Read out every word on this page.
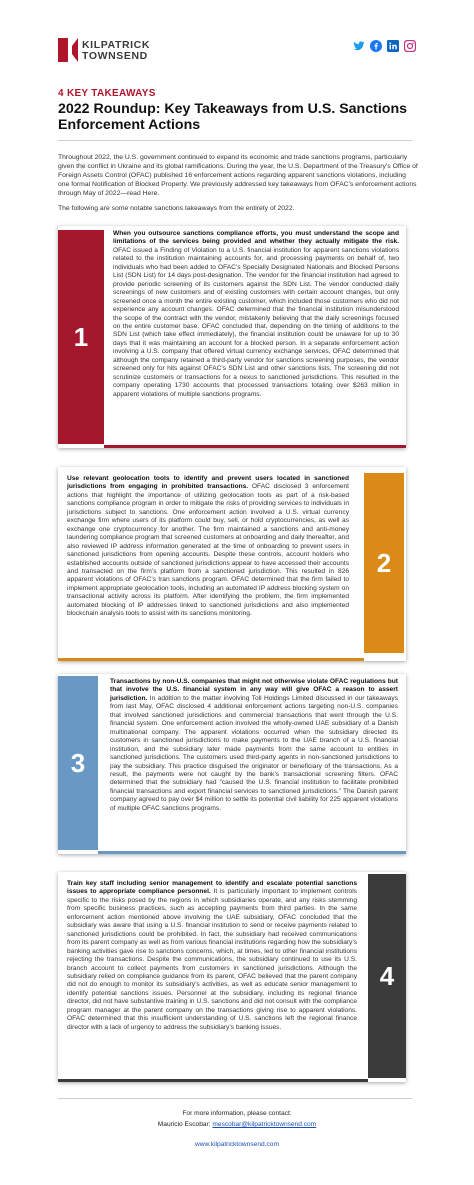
KILPATRICK
TOWNSEND
4 KEY TAKEAWAYS
2022 Roundup: Key Takeaways from U.S. Sanctions Enforcement Actions

Throughout 2022, the U.S. government continued to expand its economic and trade sanctions programs, particularly given the conflict in Ukraine and its global ramifications. During the year, the U.S. Department of the Treasury’s Office of Foreign Assets Control (OFAC) published 16 enforcement actions regarding apparent sanctions violations, including one formal Notification of Blocked Property. We previously addressed key takeaways from OFAC’s enforcement actions through May of 2022—read Here.

The following are some notable sanctions takeaways from the entirety of 2022.

1
When you outsource sanctions compliance efforts, you must understand the scope and limitations of the services being provided and whether they actually mitigate the risk. OFAC issued a Finding of Violation to a U.S. financial institution for apparent sanctions violations related to the institution maintaining accounts for, and processing payments on behalf of, two individuals who had been added to OFAC’s Specially Designated Nationals and Blocked Persons List (SDN List) for 14 days post-designation. The vendor for the financial institution had agreed to provide periodic screening of its customers against the SDN List. The vendor conducted daily screenings of new customers and of existing customers with certain account changes, but only screened once a month the entire existing customer, which included those customers who did not experience any account changes. OFAC determined that the financial institution misunderstood the scope of the contract with the vendor, mistakenly believing that the daily screenings focused on the entire customer base. OFAC concluded that, depending on the timing of additions to the SDN List (which take effect immediately), the financial institution could be unaware for up to 30 days that it was maintaining an account for a blocked person. In a separate enforcement action involving a U.S. company that offered virtual currency exchange services, OFAC determined that although the company retained a third-party vendor for sanctions screening purposes, the vendor screened only for hits against OFAC’s SDN List and other sanctions lists. The screening did not scrutinize customers or transactions for a nexus to sanctioned jurisdictions. This resulted in the company operating 1730 accounts that processed transactions totaling over $263 million in apparent violations of multiple sanctions programs.
Use relevant geolocation tools to identify and prevent users located in sanctioned jurisdictions from engaging in prohibited transactions. OFAC disclosed 3 enforcement actions that highlight the importance of utilizing geolocation tools as part of a risk-based sanctions compliance program in order to mitigate the risks of providing services to individuals in jurisdictions subject to sanctions. One enforcement action involved a U.S. virtual currency exchange firm where users of its platform could buy, sell, or hold cryptocurrencies, as well as exchange one cryptocurrency for another. The firm maintained a sanctions and anti-money laundering compliance program that screened customers at onboarding and daily thereafter, and also reviewed IP address information generated at the time of onboarding to prevent users in sanctioned jurisdictions from opening accounts. Despite these controls, account holders who established accounts outside of sanctioned jurisdictions appear to have accessed their accounts and transacted on the firm’s platform from a sanctioned jurisdiction. This resulted in 826 apparent violations of OFAC’s Iran sanctions program. OFAC determined that the firm failed to implement appropriate geolocation tools, including an automated IP address blocking system on transactional activity across its platform. After identifying the problem, the firm implemented automated blocking of IP addresses linked to sanctioned jurisdictions and also implemented blockchain analysis tools to assist with its sanctions monitoring.
2
3
Transactions by non-U.S. companies that might not otherwise violate OFAC regulations but that involve the U.S. financial system in any way will give OFAC a reason to assert jurisdiction. In addition to the matter involving Toll Holdings Limited discussed in our takeaways from last May, OFAC disclosed 4 additional enforcement actions targeting non-U.S. companies that involved sanctioned jurisdictions and commercial transactions that went through the U.S. financial system. One enforcement action involved the wholly-owned UAE subsidiary of a Danish multinational company. The apparent violations occurred when the subsidiary directed its customers in sanctioned jurisdictions to make payments to the UAE branch of a U.S. financial institution, and the subsidiary later made payments from the same account to entities in sanctioned jurisdictions. The customers used third-party agents in non-sanctioned jurisdictions to pay the subsidiary. This practice disguised the originator or beneficiary of the transactions. As a result, the payments were not caught by the bank’s transactional screening filters. OFAC determined that the subsidiary had “caused the U.S. financial institution to facilitate prohibited financial transactions and export financial services to sanctioned jurisdictions.” The Danish parent company agreed to pay over $4 million to settle its potential civil liability for 225 apparent violations of multiple OFAC sanctions programs.
Train key staff including senior management to identify and escalate potential sanctions issues to appropriate compliance personnel. It is particularly important to implement controls specific to the risks posed by the regions in which subsidiaries operate, and any risks stemming from specific business practices, such as accepting payments from third parties. In the same enforcement action mentioned above involving the UAE subsidiary, OFAC concluded that the subsidiary was aware that using a U.S. financial institution to send or receive payments related to sanctioned jurisdictions could be prohibited. In fact, the subsidiary had received communications from its parent company as well as from various financial institutions regarding how the subsidiary’s banking activities gave rise to sanctions concerns, which, at times, led to other financial institutions rejecting the transactions. Despite the communications, the subsidiary continued to use its U.S. branch account to collect payments from customers in sanctioned jurisdictions. Although the subsidiary relied on compliance guidance from its parent, OFAC believed that the parent company did not do enough to monitor its subsidiary’s activities, as well as educate senior management to identify potential sanctions issues. Personnel at the subsidiary, including its regional finance director, did not have substantive training in U.S. sanctions and did not consult with the compliance program manager at the parent company on the transactions giving rise to apparent violations. OFAC determined that this insufficient understanding of U.S. sanctions left the regional finance director with a lack of urgency to address the subsidiary’s banking issues.
4
For more information, please contact:
Mauricio Escobar: mescobar@kilpatricktownsend.com
www.kilpatricktownsend.com
